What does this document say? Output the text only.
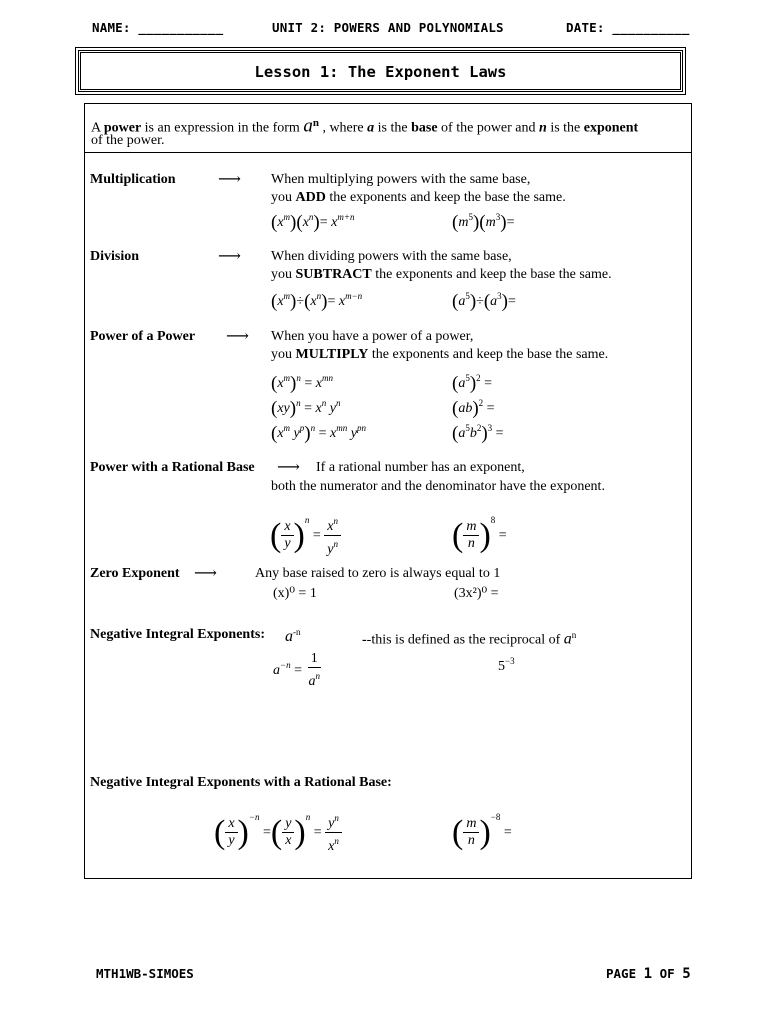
NAME: ___________	UNIT 2: POWERS AND POLYNOMIALS	DATE: __________
Lesson 1: The Exponent Laws
A power is an expression in the form $a^n$ , where a is the base of the power and n is the exponent
of the power.
Multiplication	⟶ When multiplying powers with the same base,
you ADD the exponents and keep the base the same.
$(x^m)(x^n)= x^{m+n}$	$(m^5)(m^3)=$
Division	⟶ When dividing powers with the same base,
you SUBTRACT the exponents and keep the base the same.
$(x^m)\div(x^n)= x^{m-n}$	$(a^5)\div(a^3)=$
Power of a Power ⟶ When you have a power of a power,
you MULTIPLY the exponents and keep the base the same.
$(x^m)^n = x^{mn}$	$(a^5)^2$ =
$(xy)^n = x^n$ $y^n$	(ab)$^2$ =
($x^m$ $y^p)^n = x^{mn}$ $y^{pn}$	$(a^5b^2)^3$ =
Power with a Rational Base ⟶ If a rational number has an exponent,
both the numerator and the denominator have the exponent.
( $\frac{x}{y} )^n = \frac{x^n}{y^n}$	( $\frac{m}{n} )^8$ =
Zero Exponent ⟶	Any base raised to zero is always equal to 1
(x)⁰ = 1	(3x²)⁰ =
Negative Integral Exponents: $a^{-n}$
--this is defined as the reciprocal of $a^n$
$a^{-n} = \frac{1}{a^n}$	$5^{-3}$
Negative Integral Exponents with a Rational Base:
( $\frac{x}{y} )^{-n}$ =( $\frac{y}{x} )^n = \frac{y^n}{x^n}$	( $\frac{m}{n} )^{-8}$ =
MTH1WB-SIMOES	PAGE 1 OF 5
